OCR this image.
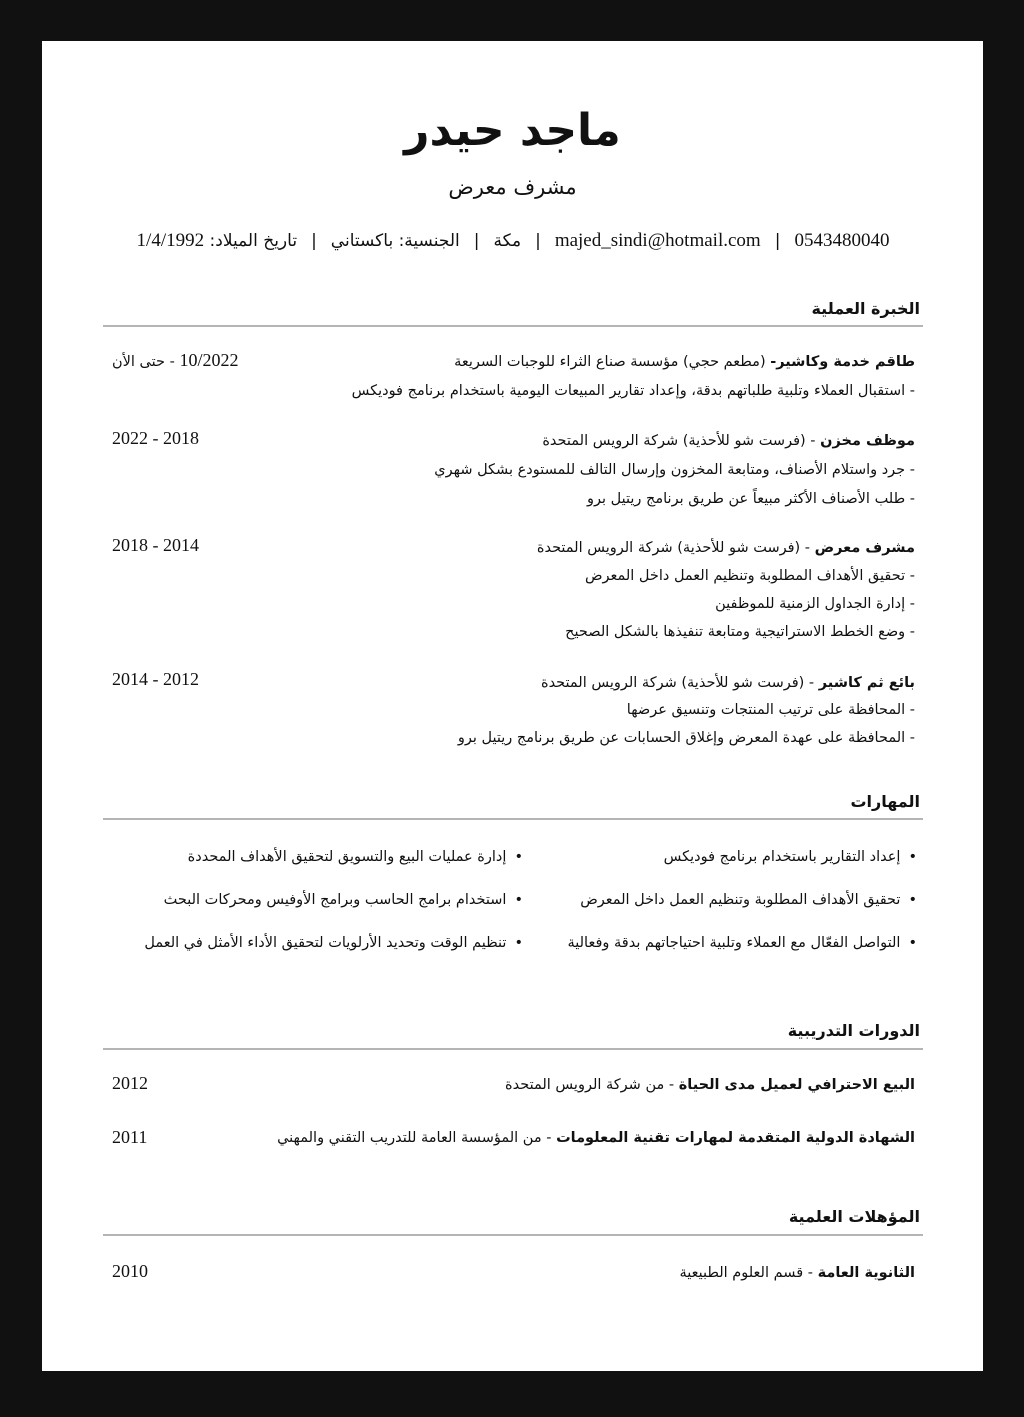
ماجد حيدر
مشرف معرض
0543480040|majed_sindi@hotmail.com|مكة|الجنسية: باكستاني|تاريخ الميلاد: 1/4/1992
الخبرة العملية
طاقم خدمة وكاشير- (مطعم حجي) مؤسسة صناع الثراء للوجبات السريعة
10/2022 - حتى الأن
- استقبال العملاء وتلبية طلباتهم بدقة، وإعداد تقارير المبيعات اليومية باستخدام برنامج فوديكس
موظف مخزن - (فرست شو للأحذية) شركة الرويس المتحدة
2018 - 2022
- جرد واستلام الأصناف، ومتابعة المخزون وإرسال التالف للمستودع بشكل شهري
- طلب الأصناف الأكثر مبيعاً عن طريق برنامج ريتيل برو
مشرف معرض - (فرست شو للأحذية) شركة الرويس المتحدة
2014 - 2018
- تحقيق الأهداف المطلوبة وتنظيم العمل داخل المعرض
- إدارة الجداول الزمنية للموظفين
- وضع الخطط الاستراتيجية ومتابعة تنفيذها بالشكل الصحيح
بائع ثم كاشير - (فرست شو للأحذية) شركة الرويس المتحدة
2012 - 2014
- المحافظة على ترتيب المنتجات وتنسيق عرضها
- المحافظة على عهدة المعرض وإغلاق الحسابات عن طريق برنامج ريتيل برو
المهارات
• إعداد التقارير باستخدام برنامج فوديكس
• تحقيق الأهداف المطلوبة وتنظيم العمل داخل المعرض
• التواصل الفعّال مع العملاء وتلبية احتياجاتهم بدقة وفعالية
• إدارة عمليات البيع والتسويق لتحقيق الأهداف المحددة
• استخدام برامج الحاسب وبرامج الأوفيس ومحركات البحث
• تنظيم الوقت وتحديد الأرلويات لتحقيق الأداء الأمثل في العمل
الدورات التدريبية
البيع الاحترافي لعميل مدى الحياة - من شركة الرويس المتحدة
2012
الشهادة الدولية المتقدمة لمهارات تقنية المعلومات - من المؤسسة العامة للتدريب التقني والمهني
2011
المؤهلات العلمية
الثانوية العامة - قسم العلوم الطبيعية
2010
